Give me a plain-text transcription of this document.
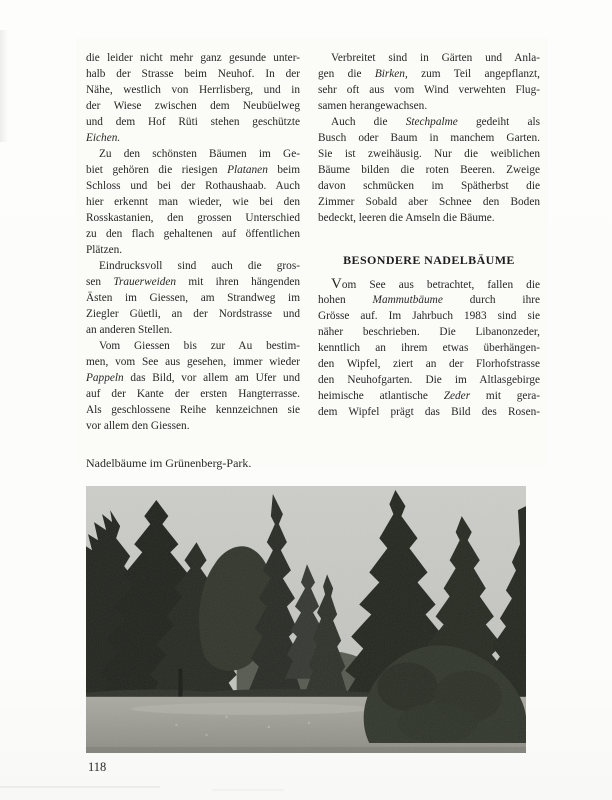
die leider nicht mehr ganz gesunde unter-
halb der Strasse beim Neuhof. In der
Nähe, westlich von Herrlisberg, und in
der Wiese zwischen dem Neubüelweg
und dem Hof Rüti stehen geschützte
Eichen.
Zu den schönsten Bäumen im Ge-
biet gehören die riesigen Platanen beim
Schloss und bei der Rothaushaab. Auch
hier erkennt man wieder, wie bei den
Rosskastanien, den grossen Unterschied
zu den flach gehaltenen auf öffentlichen
Plätzen.
Eindrucksvoll sind auch die gros-
sen Trauerweiden mit ihren hängenden
Ästen im Giessen, am Strandweg im
Ziegler Güetli, an der Nordstrasse und
an anderen Stellen.
Vom Giessen bis zur Au bestim-
men, vom See aus gesehen, immer wieder
Pappeln das Bild, vor allem am Ufer und
auf der Kante der ersten Hangterrasse.
Als geschlossene Reihe kennzeichnen sie
vor allem den Giessen.
Verbreitet sind in Gärten und Anla-
gen die Birken, zum Teil angepflanzt,
sehr oft aus vom Wind verwehten Flug-
samen herangewachsen.
Auch die Stechpalme gedeiht als
Busch oder Baum in manchem Garten.
Sie ist zweihäusig. Nur die weiblichen
Bäume bilden die roten Beeren. Zweige
davon schmücken im Spätherbst die
Zimmer Sobald aber Schnee den Boden
bedeckt, leeren die Amseln die Bäume.
BESONDERE NADELBÄUME
Vom See aus betrachtet, fallen die
hohen Mammutbäume durch ihre
Grösse auf. Im Jahrbuch 1983 sind sie
näher beschrieben. Die Libanonzeder,
kenntlich an ihrem etwas überhängen-
den Wipfel, ziert an der Florhofstrasse
den Neuhofgarten. Die im Altlasgebirge
heimische atlantische Zeder mit gera-
dem Wipfel prägt das Bild des Rosen-
Nadelbäume im Grünenberg-Park.
118
